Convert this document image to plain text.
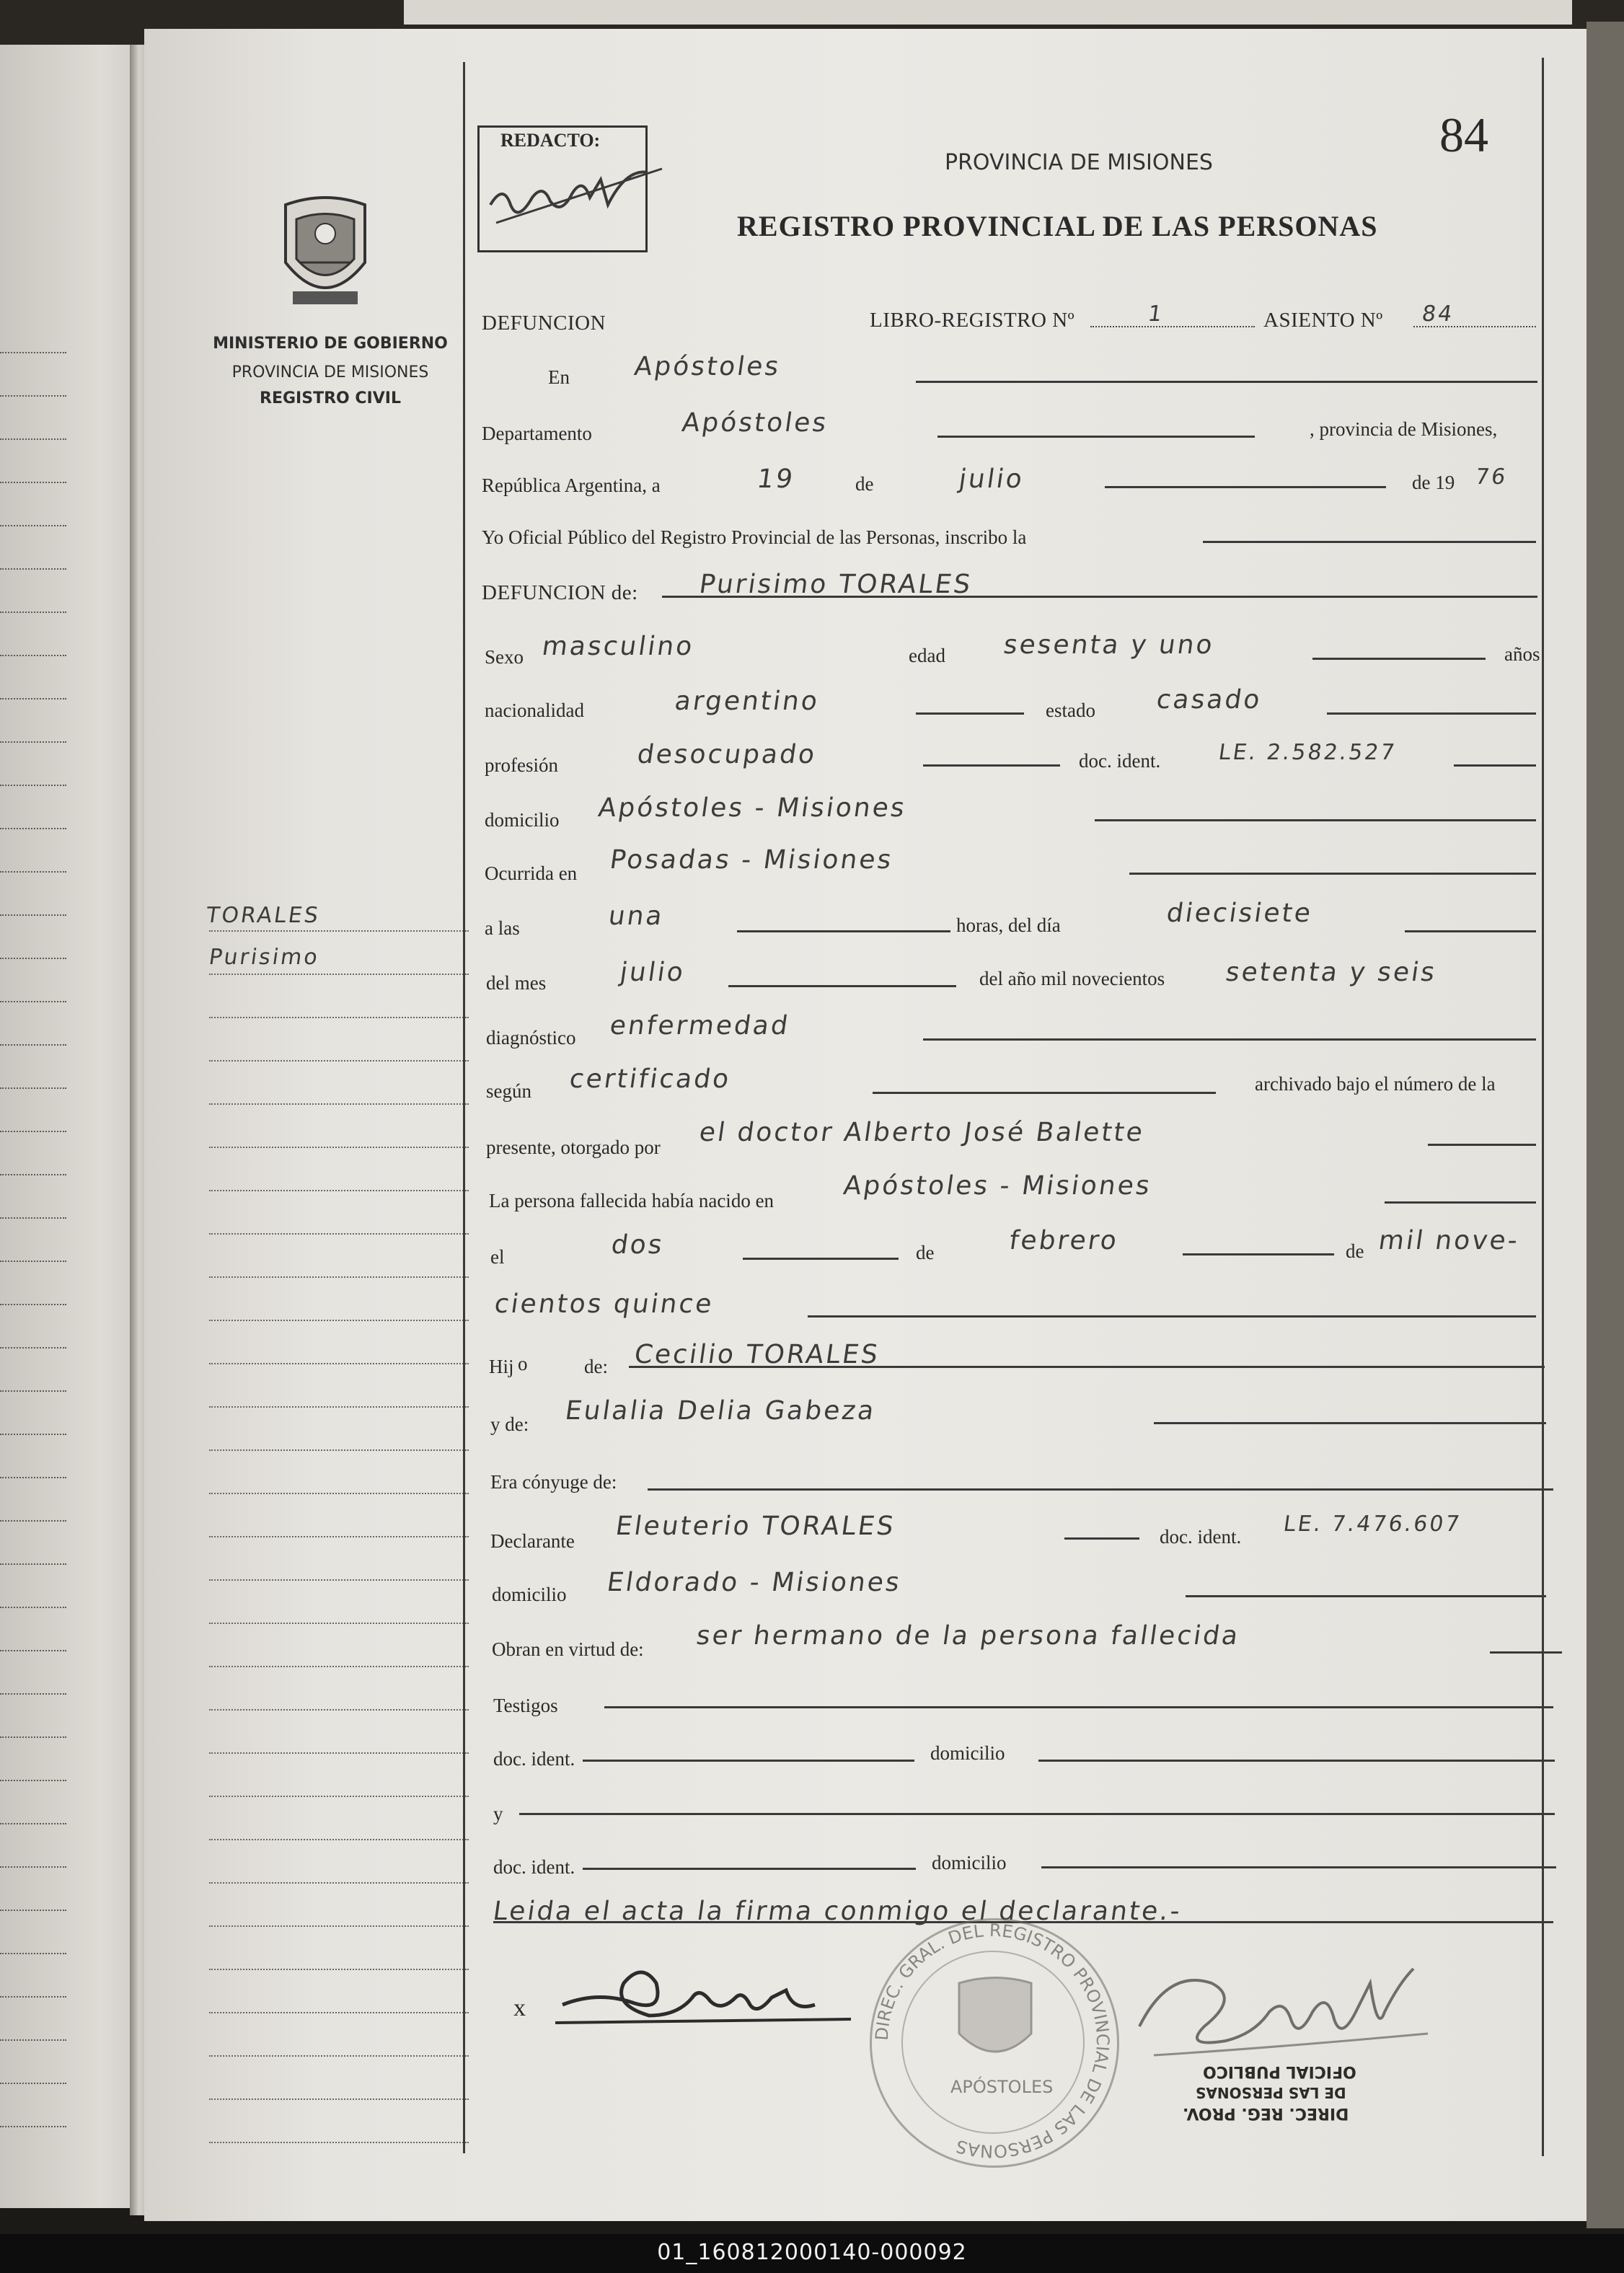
MINISTERIO DE GOBIERNO
PROVINCIA DE MISIONES
REGISTRO CIVIL
TORALES
Purisimo
REDACTO:	84
PROVINCIA DE MISIONES
REGISTRO PROVINCIAL DE LAS PERSONAS
DEFUNCION	LIBRO-REGISTRO Nº	1	ASIENTO Nº 84
En Apóstoles
Departamento	Apóstoles	, provincia de Misiones,
República Argentina, a	19	de	julio	de 19 76
Yo Oficial Público del Registro Provincial de las Personas, inscribo la
DEFUNCION de: Purisimo TORALES
Sexo masculino	edad sesenta y uno	años
nacionalidad	argentino	estado casado
profesión	desocupado	doc. ident.	LE. 2.582.527
domicilio Apóstoles - Misiones
Ocurrida en Posadas - Misiones
a las	una	horas, del día	diecisiete
del mes	julio	del año mil novecientos setenta y seis
diagnóstico enfermedad
según certificado	archivado bajo el número de la
presente, otorgado por el doctor Alberto José Balette
La persona fallecida había nacido en	Apóstoles - Misiones
el	dos	de	febrero	de mil nove-
cientos quince
Hij o	de: Cecilio TORALES
y de: Eulalia Delia Gabeza
Era cónyuge de:
Declarante Eleuterio TORALES	doc. ident. LE. 7.476.607
domicilio Eldorado - Misiones
Obran en virtud de: ser hermano de la persona fallecida
Testigos
doc. ident.	domicilio
y
doc. ident.	domicilio
Leida el acta la firma conmigo el declarante.-
DIREC. GRAL. DEL REGISTRO PROVINCIAL DE LAS PERSONAS
APÓSTOLES
x
OFICIAL PUBLICO
DE LAS PERSONAS
DIREC. REG. PROV.
01_160812000140-000092
